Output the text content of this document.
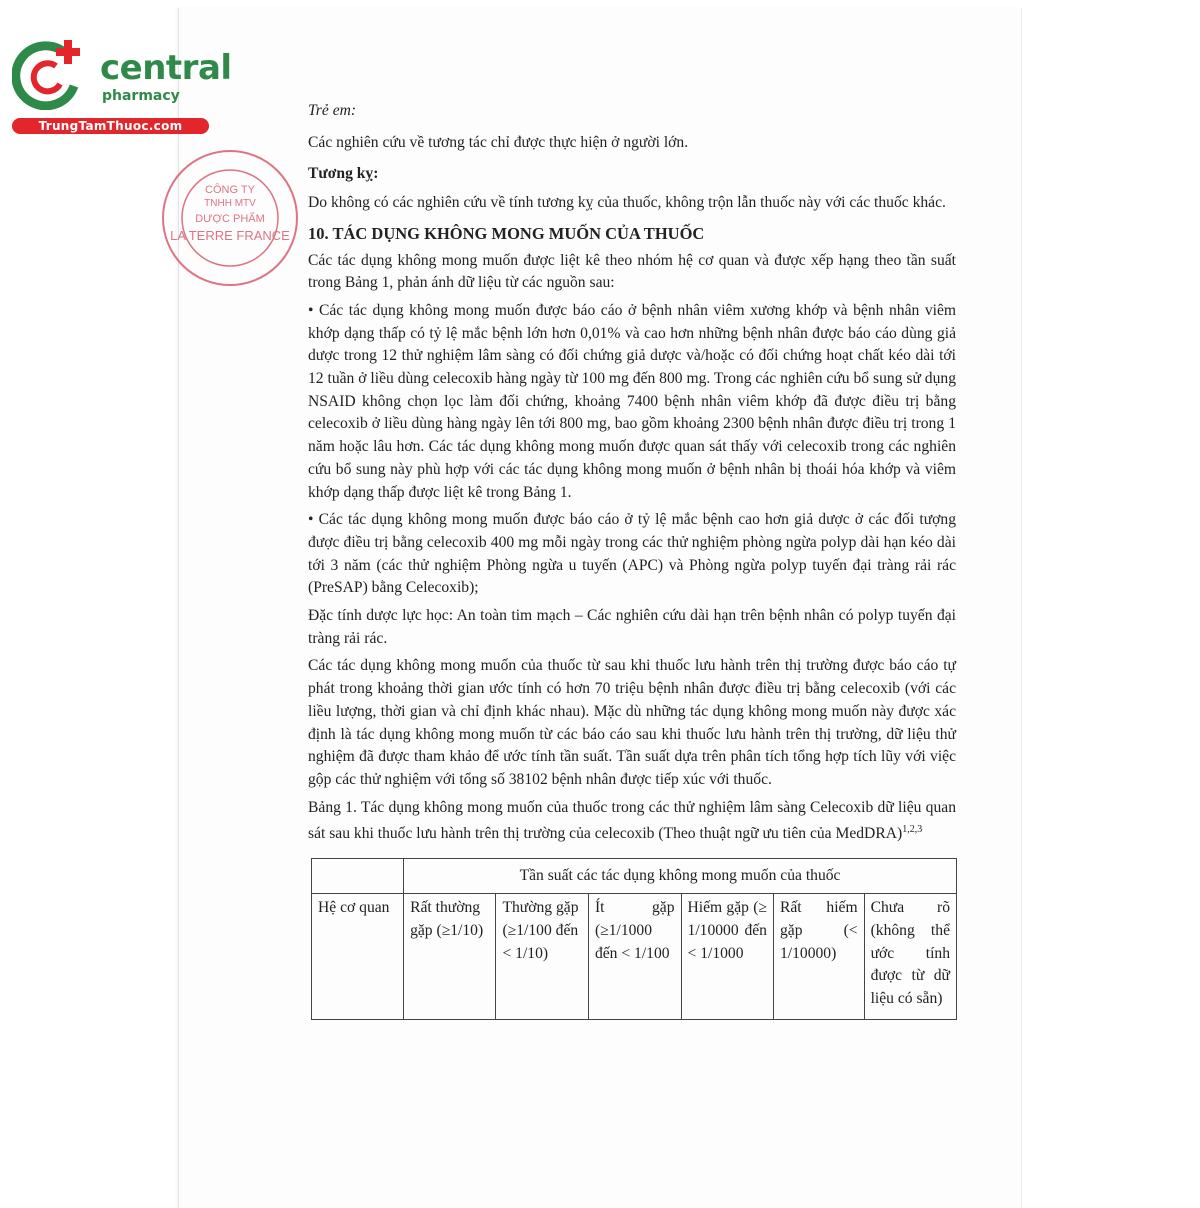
central
pharmacy
TrungTamThuoc.com
CÔNG TY
TNHH MTV
DƯỢC PHẨM
LA TERRE FRANCE

Trẻ em:

Các nghiên cứu về tương tác chỉ được thực hiện ở người lớn.

Tương kỵ:

Do không có các nghiên cứu về tính tương kỵ của thuốc, không trộn lẫn thuốc này với các thuốc khác.

10. TÁC DỤNG KHÔNG MONG MUỐN CỦA THUỐC

Các tác dụng không mong muốn được liệt kê theo nhóm hệ cơ quan và được xếp hạng theo tần suất trong Bảng 1, phản ánh dữ liệu từ các nguồn sau:

• Các tác dụng không mong muốn được báo cáo ở bệnh nhân viêm xương khớp và bệnh nhân viêm khớp dạng thấp có tỷ lệ mắc bệnh lớn hơn 0,01% và cao hơn những bệnh nhân được báo cáo dùng giả dược trong 12 thử nghiệm lâm sàng có đối chứng giả dược và/hoặc có đối chứng hoạt chất kéo dài tới 12 tuần ở liều dùng celecoxib hàng ngày từ 100 mg đến 800 mg. Trong các nghiên cứu bổ sung sử dụng NSAID không chọn lọc làm đối chứng, khoảng 7400 bệnh nhân viêm khớp đã được điều trị bằng celecoxib ở liều dùng hàng ngày lên tới 800 mg, bao gồm khoảng 2300 bệnh nhân được điều trị trong 1 năm hoặc lâu hơn. Các tác dụng không mong muốn được quan sát thấy với celecoxib trong các nghiên cứu bổ sung này phù hợp với các tác dụng không mong muốn ở bệnh nhân bị thoái hóa khớp và viêm khớp dạng thấp được liệt kê trong Bảng 1.

• Các tác dụng không mong muốn được báo cáo ở tỷ lệ mắc bệnh cao hơn giả dược ở các đối tượng được điều trị bằng celecoxib 400 mg mỗi ngày trong các thử nghiệm phòng ngừa polyp dài hạn kéo dài tới 3 năm (các thử nghiệm Phòng ngừa u tuyến (APC) và Phòng ngừa polyp tuyến đại tràng rải rác (PreSAP) bằng Celecoxib);

Đặc tính dược lực học: An toàn tim mạch – Các nghiên cứu dài hạn trên bệnh nhân có polyp tuyến đại tràng rải rác.

Các tác dụng không mong muốn của thuốc từ sau khi thuốc lưu hành trên thị trường được báo cáo tự phát trong khoảng thời gian ước tính có hơn 70 triệu bệnh nhân được điều trị bằng celecoxib (với các liều lượng, thời gian và chỉ định khác nhau). Mặc dù những tác dụng không mong muốn này được xác định là tác dụng không mong muốn từ các báo cáo sau khi thuốc lưu hành trên thị trường, dữ liệu thử nghiệm đã được tham khảo để ước tính tần suất. Tần suất dựa trên phân tích tổng hợp tích lũy với việc gộp các thử nghiệm với tổng số 38102 bệnh nhân được tiếp xúc với thuốc.

Bảng 1. Tác dụng không mong muốn của thuốc trong các thử nghiệm lâm sàng Celecoxib dữ liệu quan sát sau khi thuốc lưu hành trên thị trường của celecoxib (Theo thuật ngữ ưu tiên của MedDRA)$^{1,2,3}$

	Tần suất các tác dụng không mong muốn của thuốc					
Hệ cơ quan	Rất thường gặp (≥1/10)	Thường gặp (≥1/100 đến < 1/10)	Ít gặp (≥1/1000 đến < 1/100	Hiếm gặp (≥ 1/10000 đến < 1/1000	Rất hiếm gặp (< 1/10000)	Chưa rõ (không thể ước tính được từ dữ liệu có sẵn)
